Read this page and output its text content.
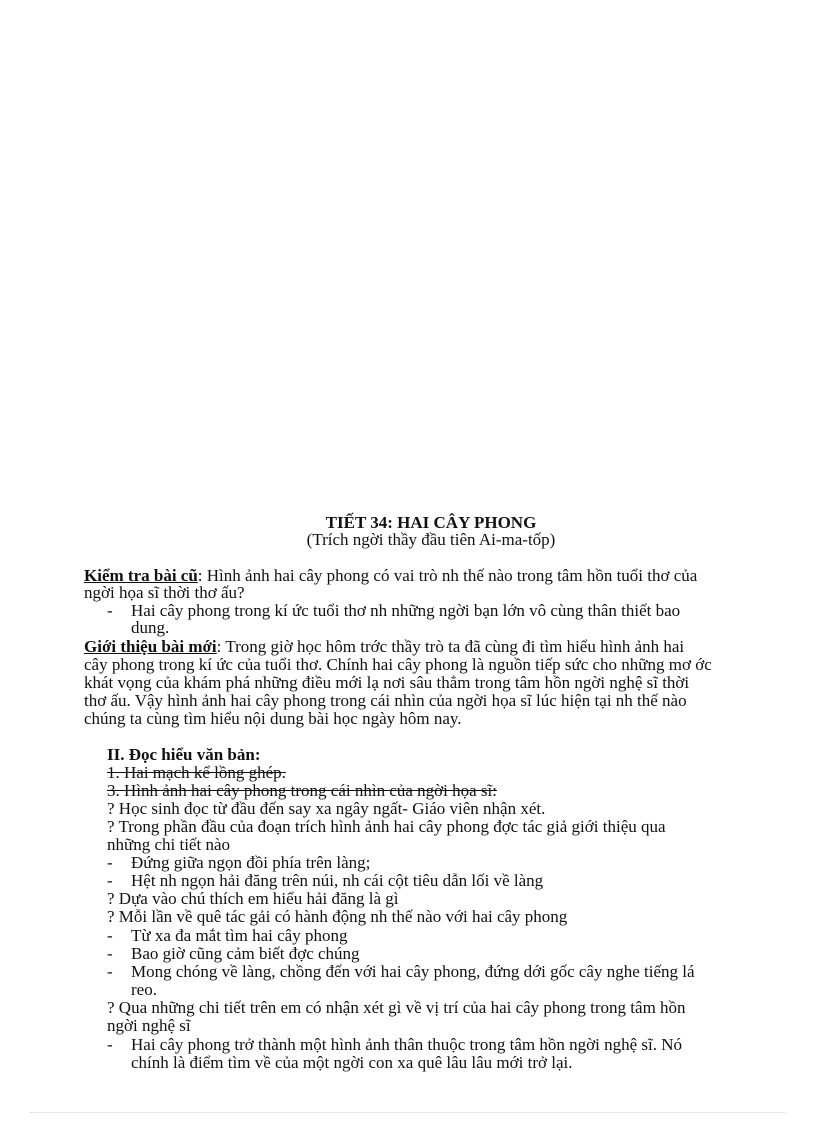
TIẾT 34: HAI CÂY PHONG
(Trích ngời thầy đầu tiên Ai-ma-tốp)
Kiểm tra bài cũ: Hình ảnh hai cây phong có vai trò nh thế nào trong tâm hồn tuổi thơ của
ngời họa sĩ thời thơ ấu?
- Hai cây phong trong kí ức tuổi thơ nh những ngời bạn lớn vô cùng thân thiết bao
dung.
Giới thiệu bài mới: Trong giờ học hôm trớc thầy trò ta đã cùng đi tìm hiểu hình ảnh hai
cây phong trong kí ức của tuổi thơ. Chính hai cây phong là nguồn tiếp sức cho những mơ ớc
khát vọng của khám phá những điều mới lạ nơi sâu thẳm trong tâm hồn ngời nghệ sĩ thời
thơ ấu. Vậy hình ảnh hai cây phong trong cái nhìn của ngời họa sĩ lúc hiện tại nh thế nào
chúng ta cùng tìm hiểu nội dung bài học ngày hôm nay.
II. Đọc hiểu văn bản:
1. Hai mạch kể lồng ghép.
3. Hình ảnh hai cây phong trong cái nhìn của ngời họa sĩ:
? Học sinh đọc từ đầu đến say xa ngây ngất- Giáo viên nhận xét.
? Trong phần đầu của đoạn trích hình ảnh hai cây phong đợc tác giả giới thiệu qua
những chi tiết nào
- Đứng giữa ngọn đồi phía trên làng;
- Hệt nh ngọn hải đăng trên núi, nh cái cột tiêu dẫn lối về làng
? Dựa vào chú thích em hiểu hải đăng là gì
? Mỗi lần về quê tác gải có hành động nh thế nào với hai cây phong
- Từ xa đa mắt tìm hai cây phong
- Bao giờ cũng cảm biết đợc chúng
- Mong chóng về làng, chồng đến với hai cây phong, đứng dới gốc cây nghe tiếng lá
reo.
? Qua những chi tiết trên em có nhận xét gì về vị trí của hai cây phong trong tâm hồn
ngời nghệ sĩ
- Hai cây phong trở thành một hình ảnh thân thuộc trong tâm hồn ngời nghệ sĩ. Nó
chính là điểm tìm về của một ngời con xa quê lâu lâu mới trở lại.
